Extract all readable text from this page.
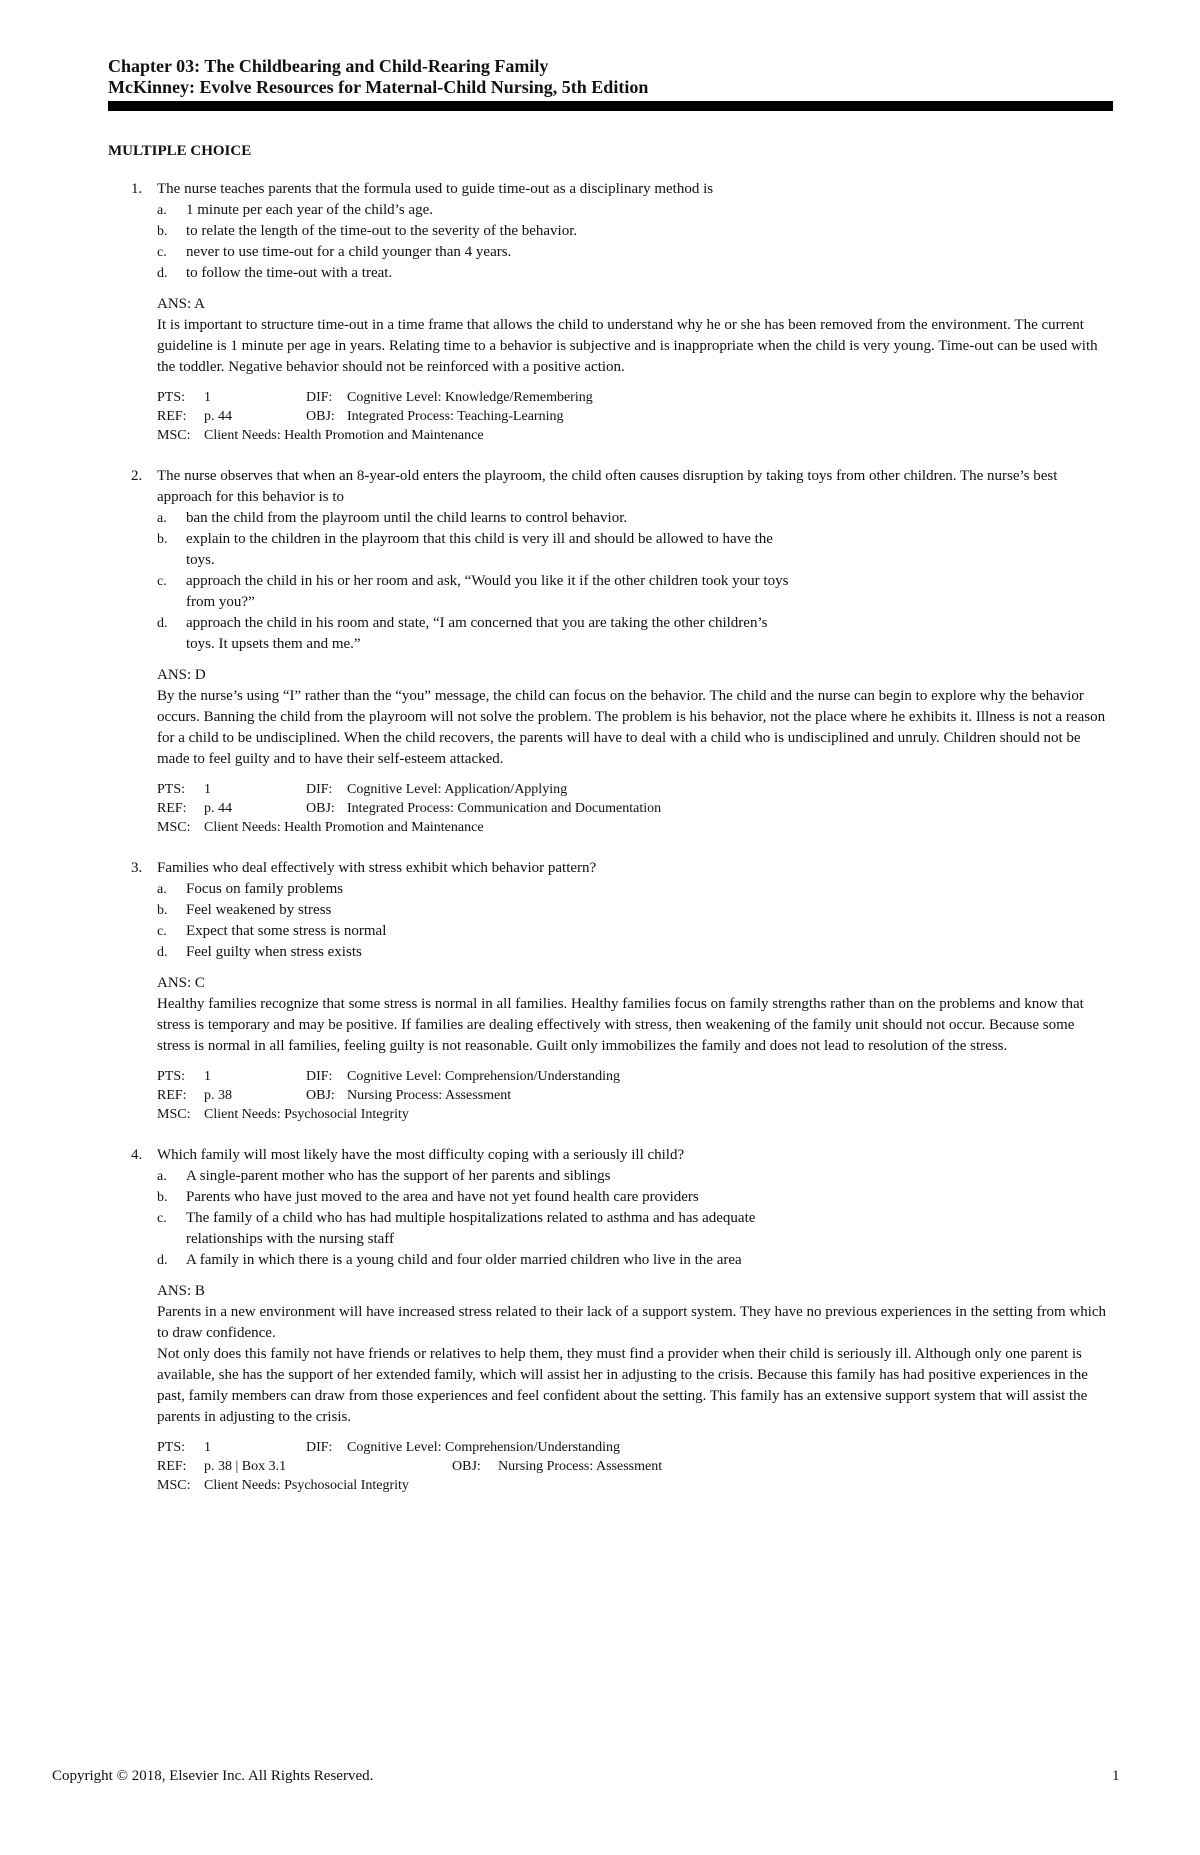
Chapter 03: The Childbearing and Child-Rearing Family
McKinney: Evolve Resources for Maternal-Child Nursing, 5th Edition
MULTIPLE CHOICE
1. The nurse teaches parents that the formula used to guide time-out as a disciplinary method is
a. 1 minute per each year of the child’s age.
b. to relate the length of the time-out to the severity of the behavior.
c. never to use time-out for a child younger than 4 years.
d. to follow the time-out with a treat.
ANS: A

It is important to structure time-out in a time frame that allows the child to understand why he or she has been removed from the environment. The current guideline is 1 minute per age in years. Relating time to a behavior is subjective and is inappropriate when the child is very young. Time-out can be used with the toddler. Negative behavior should not be reinforced with a positive action.

PTS: 1	DIF: Cognitive Level: Knowledge/Remembering
REF: p. 44	OBJ: Integrated Process: Teaching-Learning
MSC: Client Needs: Health Promotion and Maintenance
2. The nurse observes that when an 8-year-old enters the playroom, the child often causes disruption by taking toys from other children. The nurse’s best approach for this behavior is to
a. ban the child from the playroom until the child learns to control behavior.
b. explain to the children in the playroom that this child is very ill and should be allowed to have the toys.
c. approach the child in his or her room and ask, “Would you like it if the other children took your toys from you?”
d. approach the child in his room and state, “I am concerned that you are taking the other children’s toys. It upsets them and me.”
ANS: D

By the nurse’s using “I” rather than the “you” message, the child can focus on the behavior. The child and the nurse can begin to explore why the behavior occurs. Banning the child from the playroom will not solve the problem. The problem is his behavior, not the place where he exhibits it. Illness is not a reason for a child to be undisciplined. When the child recovers, the parents will have to deal with a child who is undisciplined and unruly. Children should not be made to feel guilty and to have their self-esteem attacked.

PTS: 1	DIF: Cognitive Level: Application/Applying
REF: p. 44	OBJ: Integrated Process: Communication and Documentation
MSC: Client Needs: Health Promotion and Maintenance
3. Families who deal effectively with stress exhibit which behavior pattern?
a. Focus on family problems
b. Feel weakened by stress
c. Expect that some stress is normal
d. Feel guilty when stress exists
ANS: C

Healthy families recognize that some stress is normal in all families. Healthy families focus on family strengths rather than on the problems and know that stress is temporary and may be positive. If families are dealing effectively with stress, then weakening of the family unit should not occur. Because some stress is normal in all families, feeling guilty is not reasonable. Guilt only immobilizes the family and does not lead to resolution of the stress.

PTS: 1	DIF: Cognitive Level: Comprehension/Understanding
REF: p. 38	OBJ: Nursing Process: Assessment
MSC: Client Needs: Psychosocial Integrity
4. Which family will most likely have the most difficulty coping with a seriously ill child?
a. A single-parent mother who has the support of her parents and siblings
b. Parents who have just moved to the area and have not yet found health care providers
c. The family of a child who has had multiple hospitalizations related to asthma and has adequate relationships with the nursing staff
d. A family in which there is a young child and four older married children who live in the area
ANS: B

Parents in a new environment will have increased stress related to their lack of a support system. They have no previous experiences in the setting from which to draw confidence.

Not only does this family not have friends or relatives to help them, they must find a provider when their child is seriously ill. Although only one parent is available, she has the support of her extended family, which will assist her in adjusting to the crisis. Because this family has had positive experiences in the past, family members can draw from those experiences and feel confident about the setting. This family has an extensive support system that will assist the parents in adjusting to the crisis.

PTS: 1	DIF: Cognitive Level: Comprehension/Understanding
REF: p. 38 | Box 3.1	OBJ: Nursing Process: Assessment
MSC: Client Needs: Psychosocial Integrity
Copyright © 2018, Elsevier Inc. All Rights Reserved.	1
